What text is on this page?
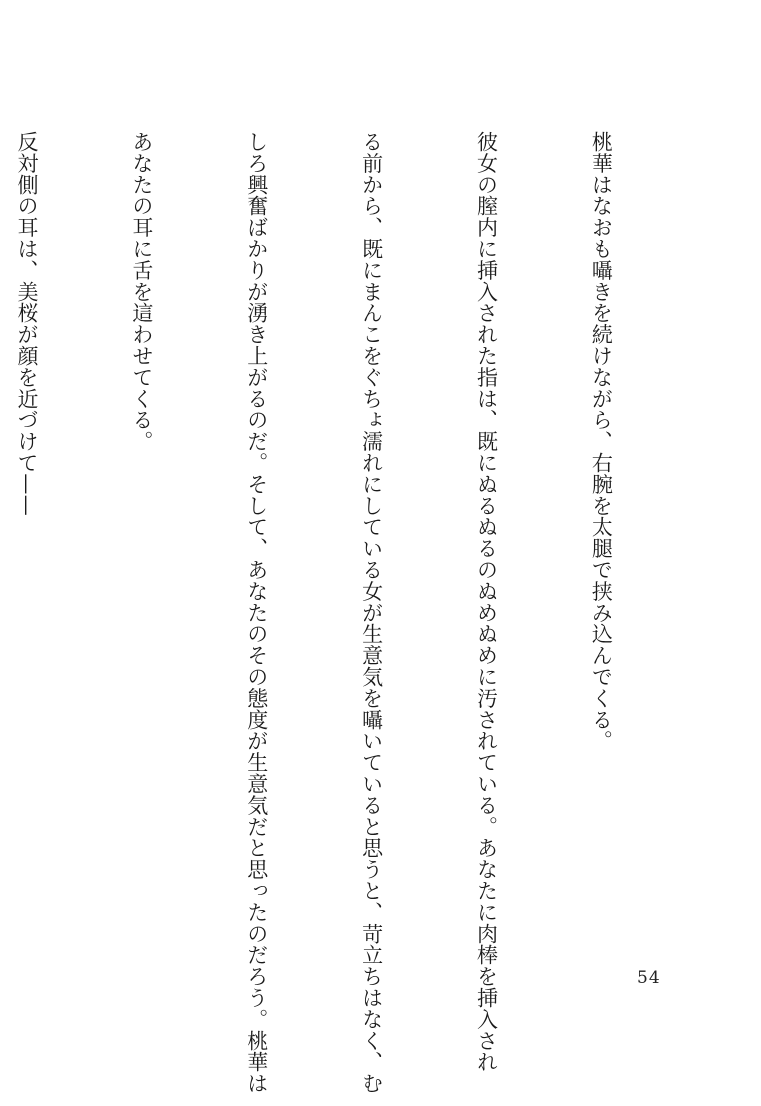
桃華はなおも囁きを続けながら、右腕を太腿で挟み込んでくる。

彼女の膣内に挿入された指は、既にぬるぬるのぬめぬめに汚されている。あなたに肉棒を挿入され

る前から、既にまんこをぐちょ濡れにしている女が生意気を囁いていると思うと、苛立ちはなく、む

しろ興奮ばかりが湧き上がるのだ。そして、あなたのその態度が生意気だと思ったのだろう。桃華は

あなたの耳に舌を這わせてくる。

反対側の耳は、美桜が顔を近づけて——

54
